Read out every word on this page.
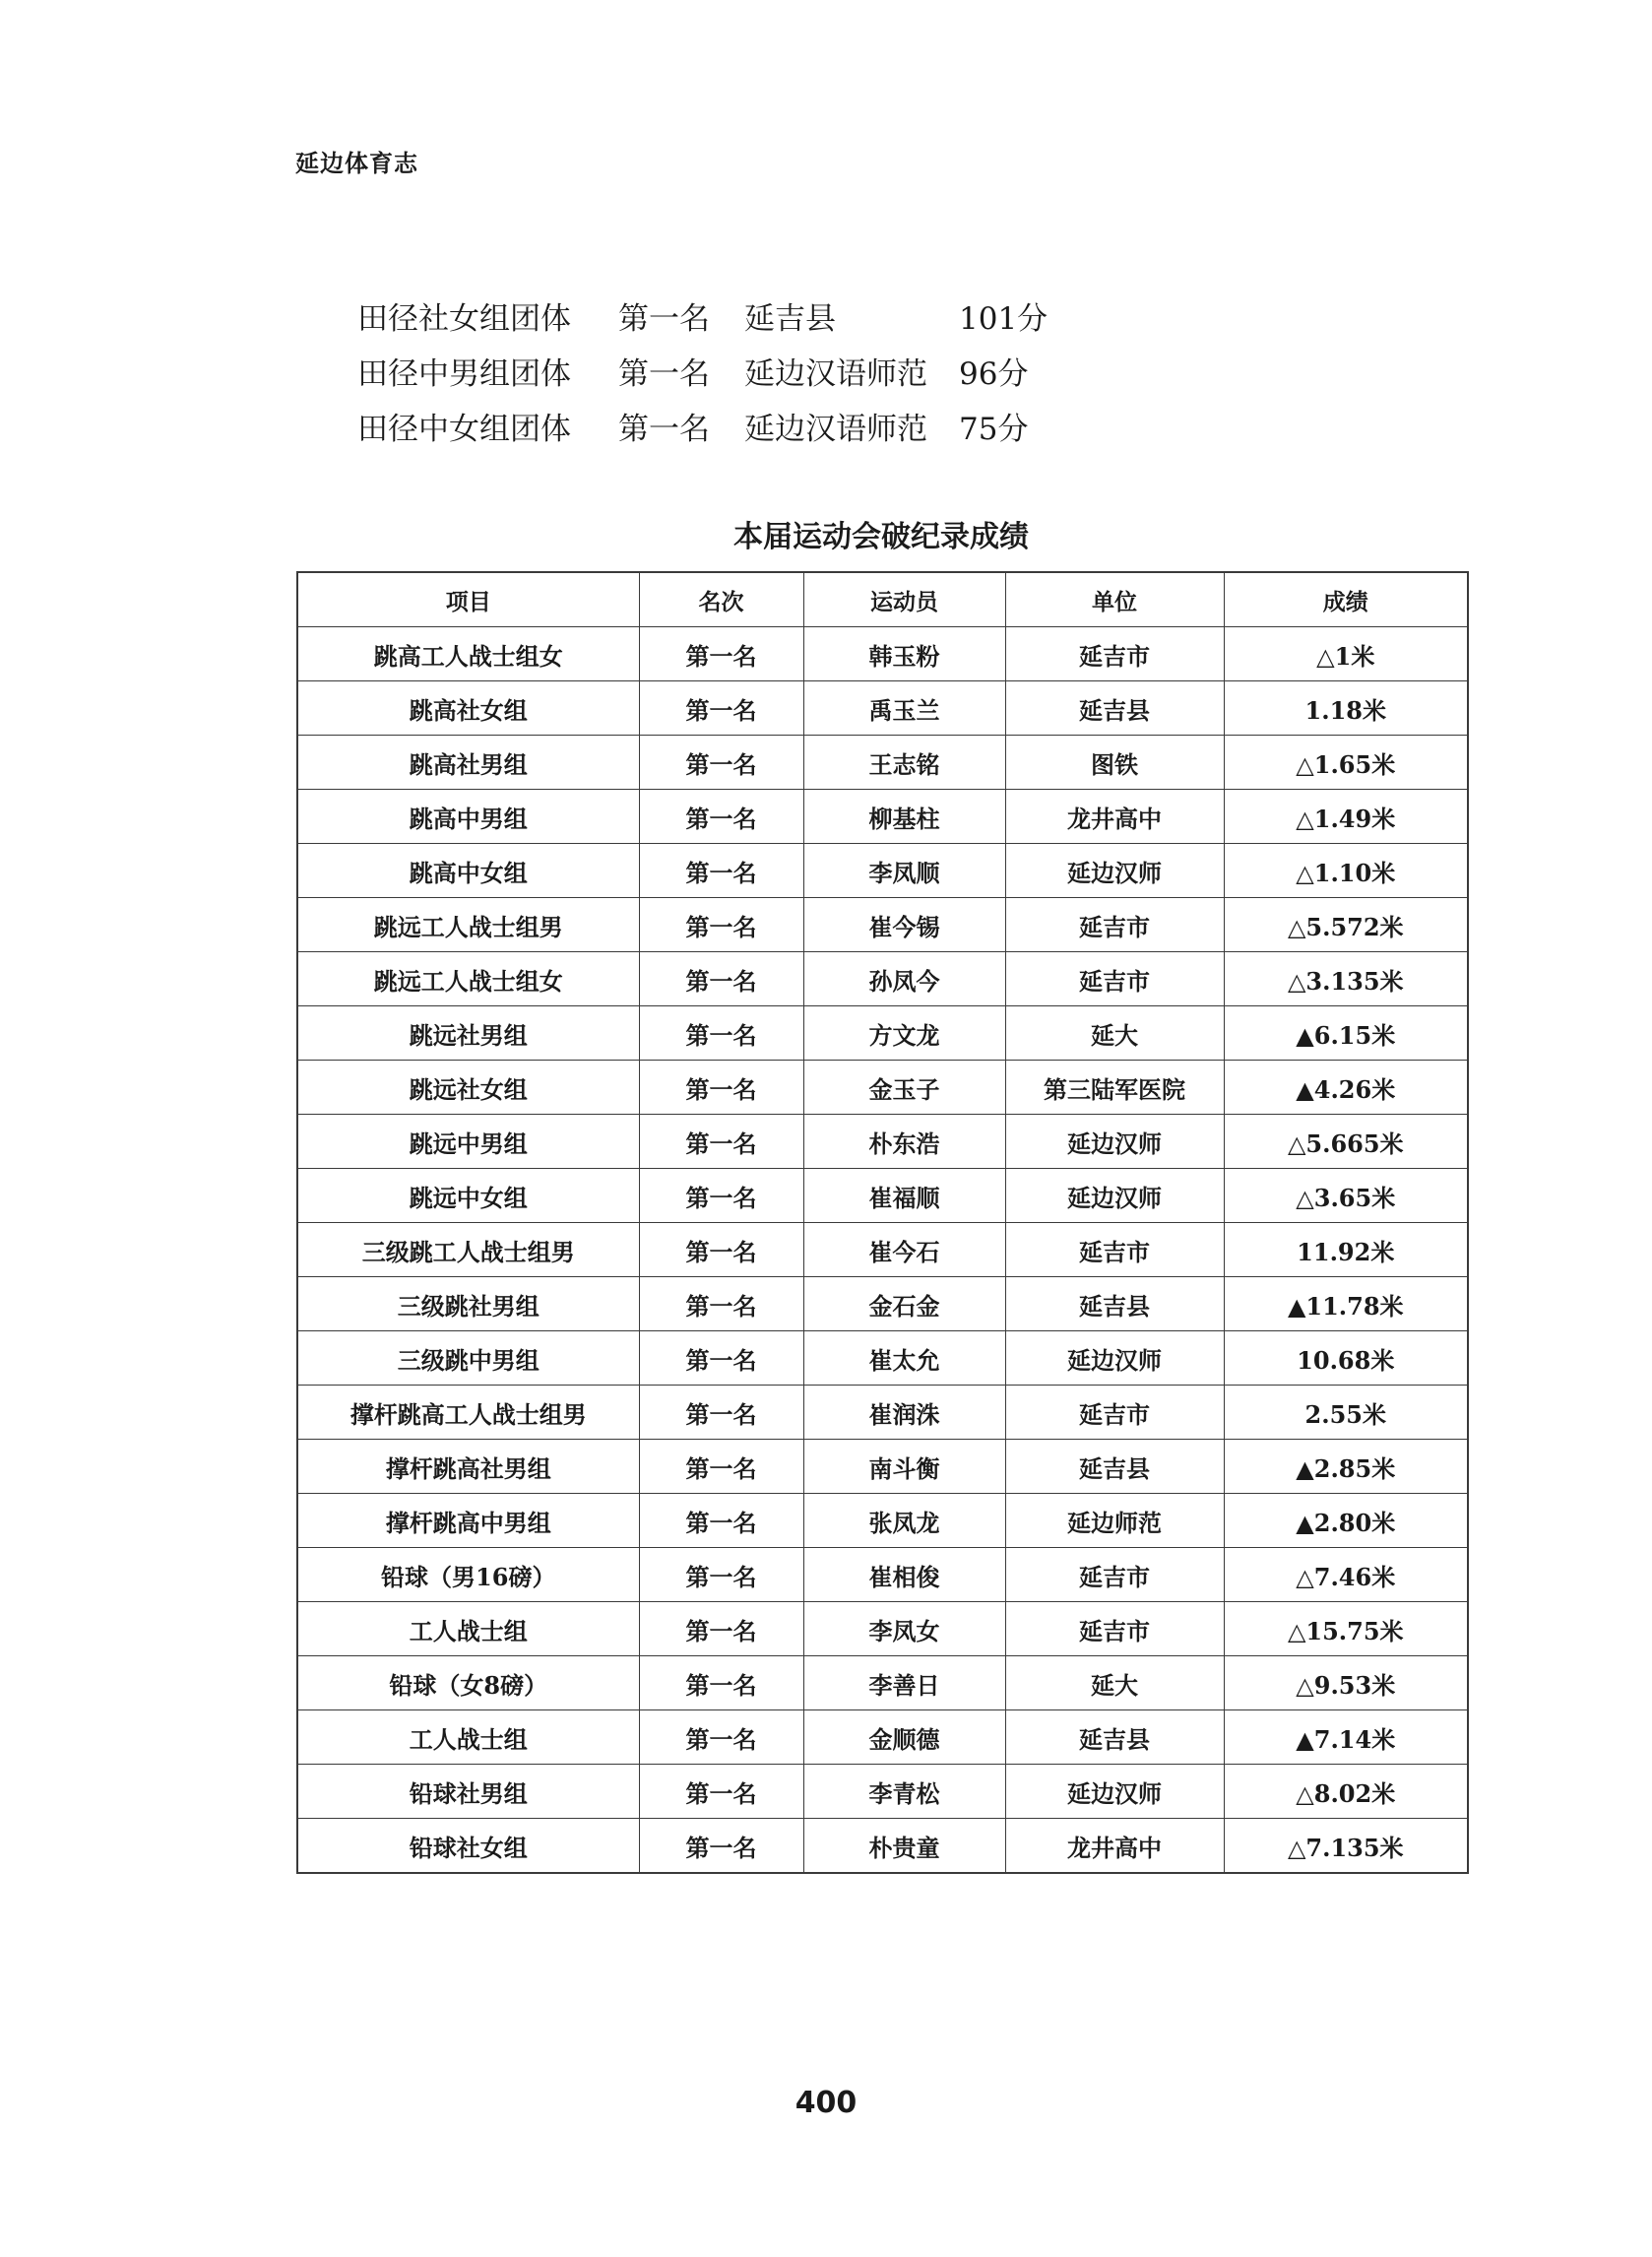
延边体育志
田径社女组团体	第一名	延吉县	101分
田径中男组团体	第一名	延边汉语师范	96分
田径中女组团体	第一名	延边汉语师范	75分
本届运动会破纪录成绩
项目	名次	运动员	单位	成绩
跳高工人战士组女	第一名	韩玉粉	延吉市	△1米
跳高社女组	第一名	禹玉兰	延吉县	1.18米
跳高社男组	第一名	王志铭	图铁	△1.65米
跳高中男组	第一名	柳基柱	龙井高中	△1.49米
跳高中女组	第一名	李凤顺	延边汉师	△1.10米
跳远工人战士组男	第一名	崔今锡	延吉市	△5.572米
跳远工人战士组女	第一名	孙凤今	延吉市	△3.135米
跳远社男组	第一名	方文龙	延大	▲6.15米
跳远社女组	第一名	金玉子	第三陆军医院	▲4.26米
跳远中男组	第一名	朴东浩	延边汉师	△5.665米
跳远中女组	第一名	崔福顺	延边汉师	△3.65米
三级跳工人战士组男	第一名	崔今石	延吉市	11.92米
三级跳社男组	第一名	金石金	延吉县	▲11.78米
三级跳中男组	第一名	崔太允	延边汉师	10.68米
撑杆跳高工人战士组男	第一名	崔润洙	延吉市	2.55米
撑杆跳高社男组	第一名	南斗衡	延吉县	▲2.85米
撑杆跳高中男组	第一名	张凤龙	延边师范	▲2.80米
铅球（男16磅）	第一名	崔相俊	延吉市	△7.46米
工人战士组	第一名	李凤女	延吉市	△15.75米
铅球（女8磅）	第一名	李善日	延大	△9.53米
工人战士组	第一名	金顺德	延吉县	▲7.14米
铅球社男组	第一名	李青松	延边汉师	△8.02米
铅球社女组	第一名	朴贵童	龙井高中	△7.135米
400
